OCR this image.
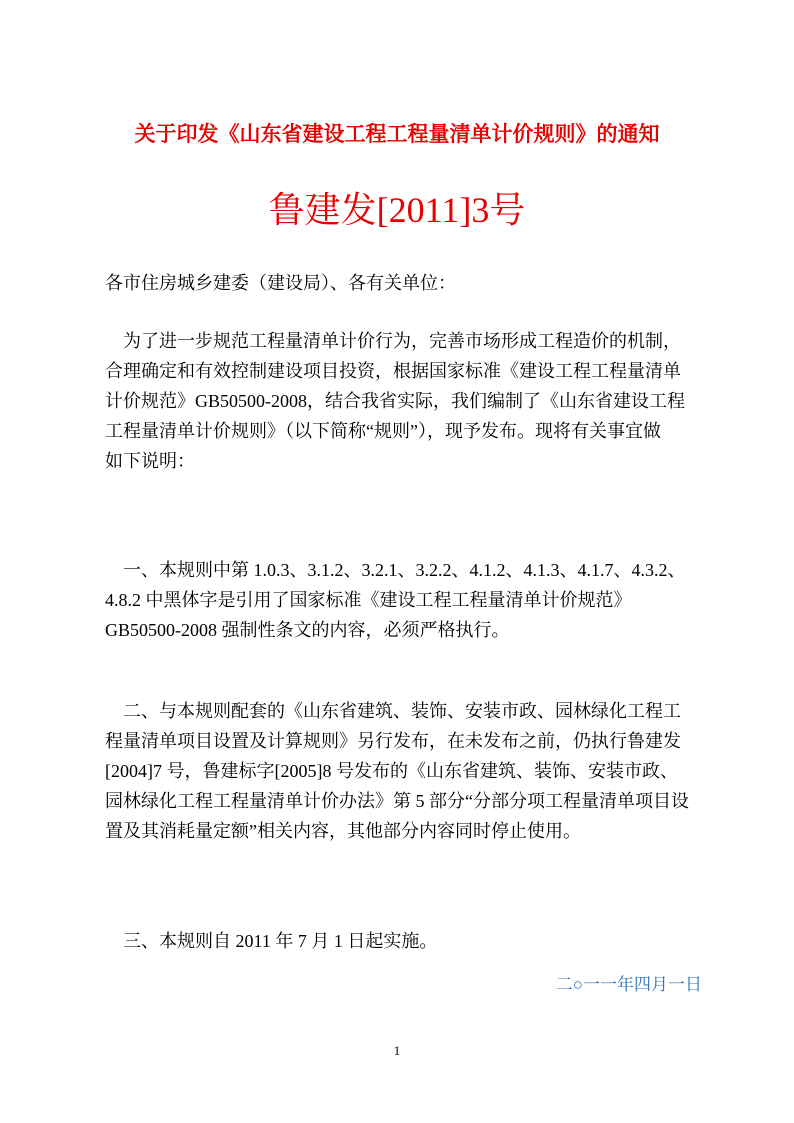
关于印发《山东省建设工程工程量清单计价规则》的通知
鲁建发[2011]3号
各市住房城乡建委（建设局）、各有关单位：
　为了进一步规范工程量清单计价行为，完善市场形成工程造价的机制，
合理确定和有效控制建设项目投资，根据国家标准《建设工程工程量清单
计价规范》GB50500-2008，结合我省实际，我们编制了《山东省建设工程
工程量清单计价规则》（以下简称“规则”），现予发布。现将有关事宜做
如下说明：
　一、本规则中第 1.0.3、3.1.2、3.2.1、3.2.2、4.1.2、4.1.3、4.1.7、4.3.2、
4.8.2 中黑体字是引用了国家标准《建设工程工程量清单计价规范》
GB50500-2008 强制性条文的内容，必须严格执行。
　二、与本规则配套的《山东省建筑、装饰、安装市政、园林绿化工程工
程量清单项目设置及计算规则》另行发布，在未发布之前，仍执行鲁建发
[2004]7 号，鲁建标字[2005]8 号发布的《山东省建筑、装饰、安装市政、
园林绿化工程工程量清单计价办法》第 5 部分“分部分项工程量清单项目设
置及其消耗量定额”相关内容，其他部分内容同时停止使用。
　三、本规则自 2011 年 7 月 1 日起实施。
二○一一年四月一日
1
